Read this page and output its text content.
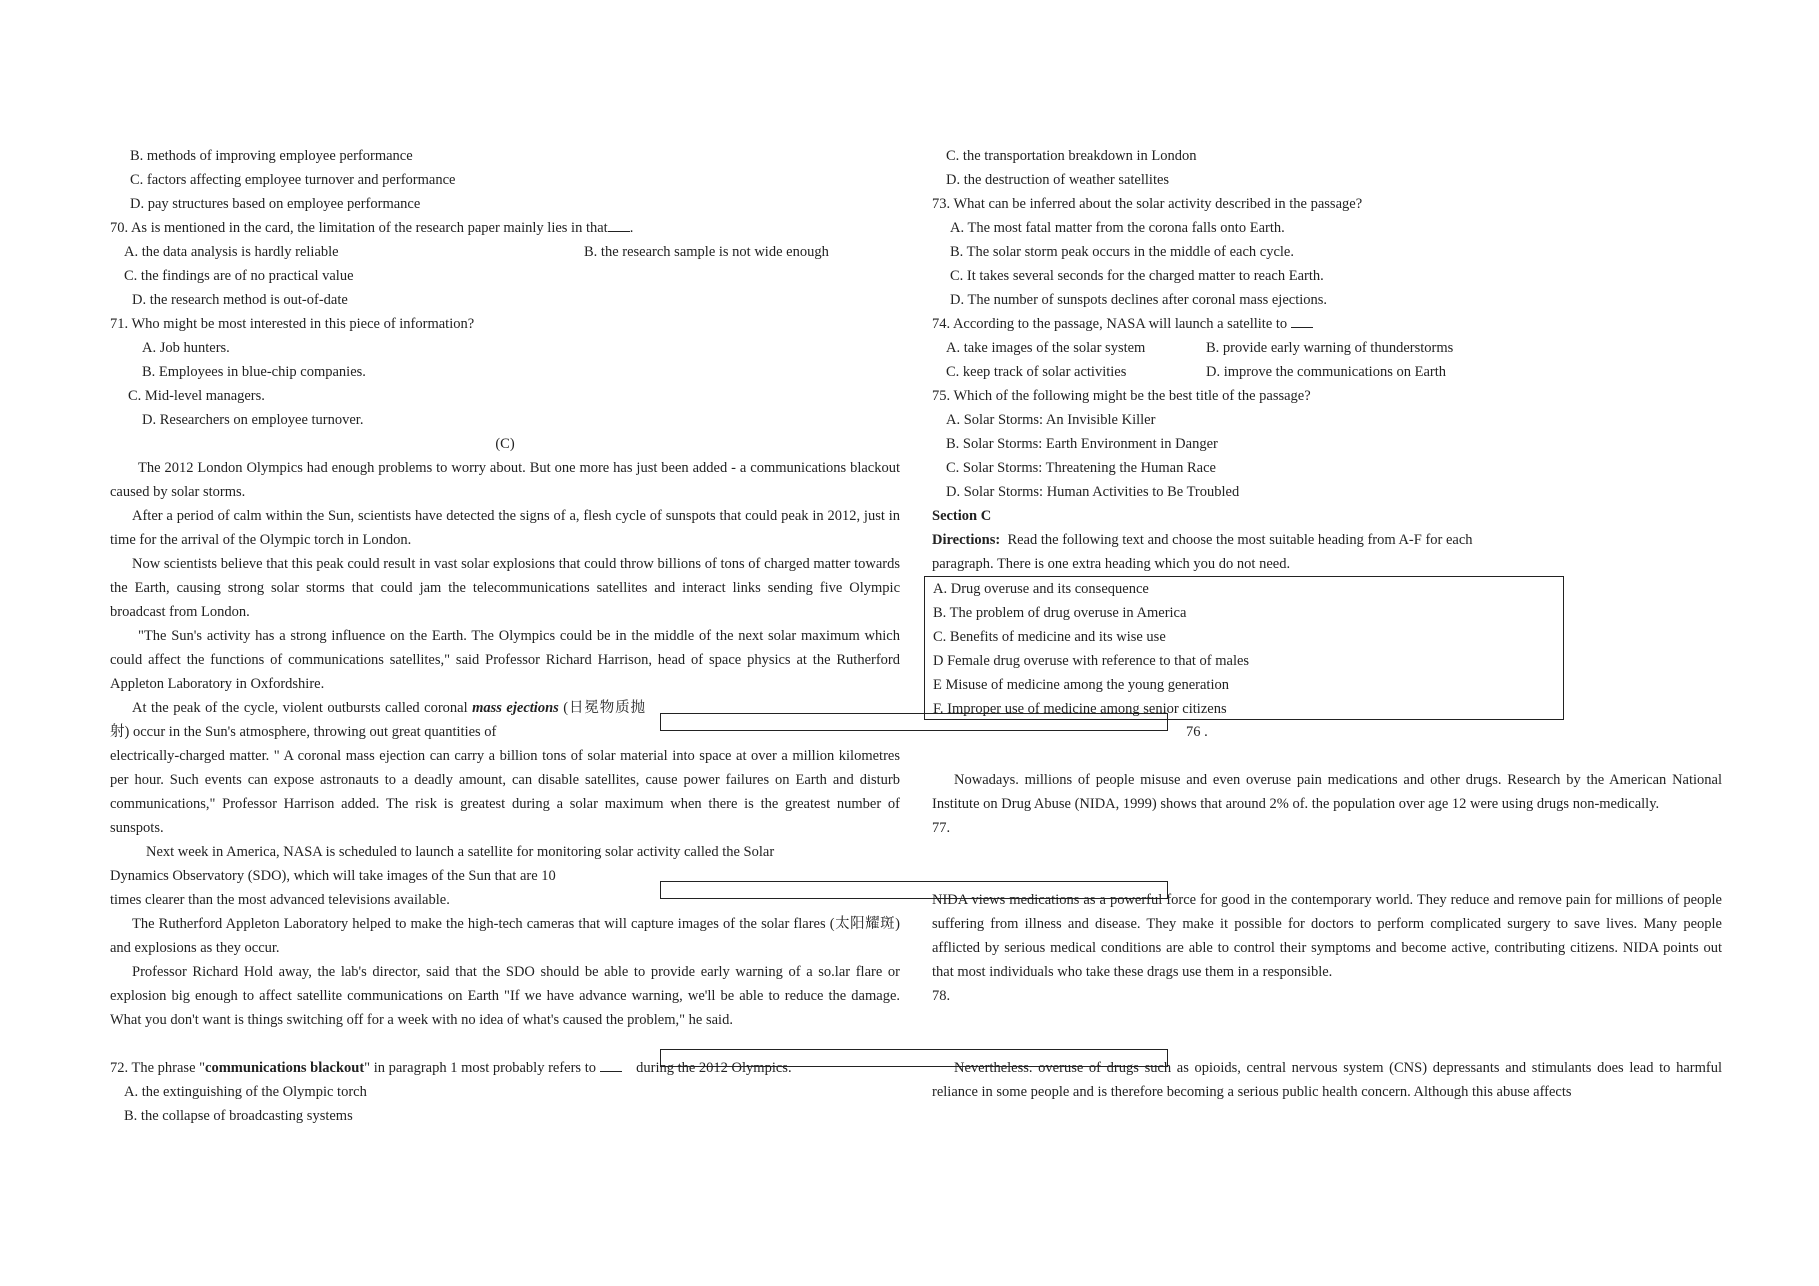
B. methods of improving employee performance
C. factors affecting employee turnover and performance
D. pay structures based on employee performance
70. As is mentioned in the card, the limitation of the research paper mainly lies in that .
A. the data analysis is hardly reliable	B. the research sample is not wide enough
C. the findings are of no practical value
D. the research method is out-of-date
71. Who might be most interested in this piece of information?
A. Job hunters.
B. Employees in blue-chip companies.
C. Mid-level managers.
D. Researchers on employee turnover.
(C)

The 2012 London Olympics had enough problems to worry about. But one more has just been added - a communications blackout caused by solar storms.

After a period of calm within the Sun, scientists have detected the signs of a, flesh cycle of sunspots that could peak in 2012, just in time for the arrival of the Olympic torch in London.

Now scientists believe that this peak could result in vast solar explosions that could throw billions of tons of charged matter towards the Earth, causing strong solar storms that could jam the telecommunications satellites and interact links sending five Olympic broadcast from London.

"The Sun's activity has a strong influence on the Earth. The Olympics could be in the middle of the next solar maximum which could affect the functions of communications satellites," said Professor Richard Harrison, head of space physics at the Rutherford Appleton Laboratory in Oxfordshire.

At the peak of the cycle, violent outbursts called coronal mass ejections (日冕物质抛射) occur in the Sun's atmosphere, throwing out great quantities of

electrically-charged matter. " A coronal mass ejection can carry a billion tons of solar material into space at over a million kilometres per hour. Such events can expose astronauts to a deadly amount, can disable satellites, cause power failures on Earth and disturb communications," Professor Harrison added. The risk is greatest during a solar maximum when there is the greatest number of sunspots.

Next week in America, NASA is scheduled to launch a satellite for monitoring solar activity called the Solar
Dynamics Observatory (SDO), which will take images of the Sun that are 10
times clearer than the most advanced televisions available.

The Rutherford Appleton Laboratory helped to make the high-tech cameras that will capture images of the solar flares (太阳耀斑) and explosions as they occur.

Professor Richard Hold away, the lab's director, said that the SDO should be able to provide early warning of a so.lar flare or explosion big enough to affect satellite communications on Earth "If we have advance warning, we'll be able to reduce the damage. What you don't want is things switching off for a week with no idea of what's caused the problem," he said.

72. The phrase "communications blackout" in paragraph 1 most probably refers to	during the 2012 Olympics.
A. the extinguishing of the Olympic torch
B. the collapse of broadcasting systems
C. the transportation breakdown in London
D. the destruction of weather satellites
73. What can be inferred about the solar activity described in the passage?
A. The most fatal matter from the corona falls onto Earth.
B. The solar storm peak occurs in the middle of each cycle.
C. It takes several seconds for the charged matter to reach Earth.
D. The number of sunspots declines after coronal mass ejections.
74. According to the passage, NASA will launch a satellite to
A. take images of the solar system	B. provide early warning of thunderstorms
C. keep track of solar activities	D. improve the communications on Earth
75. Which of the following might be the best title of the passage?
A. Solar Storms: An Invisible Killer
B. Solar Storms: Earth Environment in Danger
C. Solar Storms: Threatening the Human Race
D. Solar Storms: Human Activities to Be Troubled
Section C
Directions: Read the following text and choose the most suitable heading from A-F for each
paragraph. There is one extra heading which you do not need.
A. Drug overuse and its consequence
B. The problem of drug overuse in America
C. Benefits of medicine and its wise use
D Female drug overuse with reference to that of males
E Misuse of medicine among the young generation
F. Improper use of medicine among senior citizens

Nowadays. millions of people misuse and even overuse pain medications and other drugs. Research by the American National Institute on Drug Abuse (NIDA, 1999) shows that around 2% of. the population over age 12 were using drugs non-medically.

77.

NIDA views medications as a powerful force for good in the contemporary world. They reduce and remove pain for millions of people suffering from illness and disease. They make it possible for doctors to perform complicated surgery to save lives. Many people afflicted by serious medical conditions are able to control their symptoms and become active, contributing citizens. NIDA points out that most individuals who take these drags use them in a responsible.

78.

Nevertheless. overuse of drugs such as opioids, central nervous system (CNS) depressants and stimulants does lead to harmful reliance in some people and is therefore becoming a serious public health concern. Although this abuse affects

76 .
